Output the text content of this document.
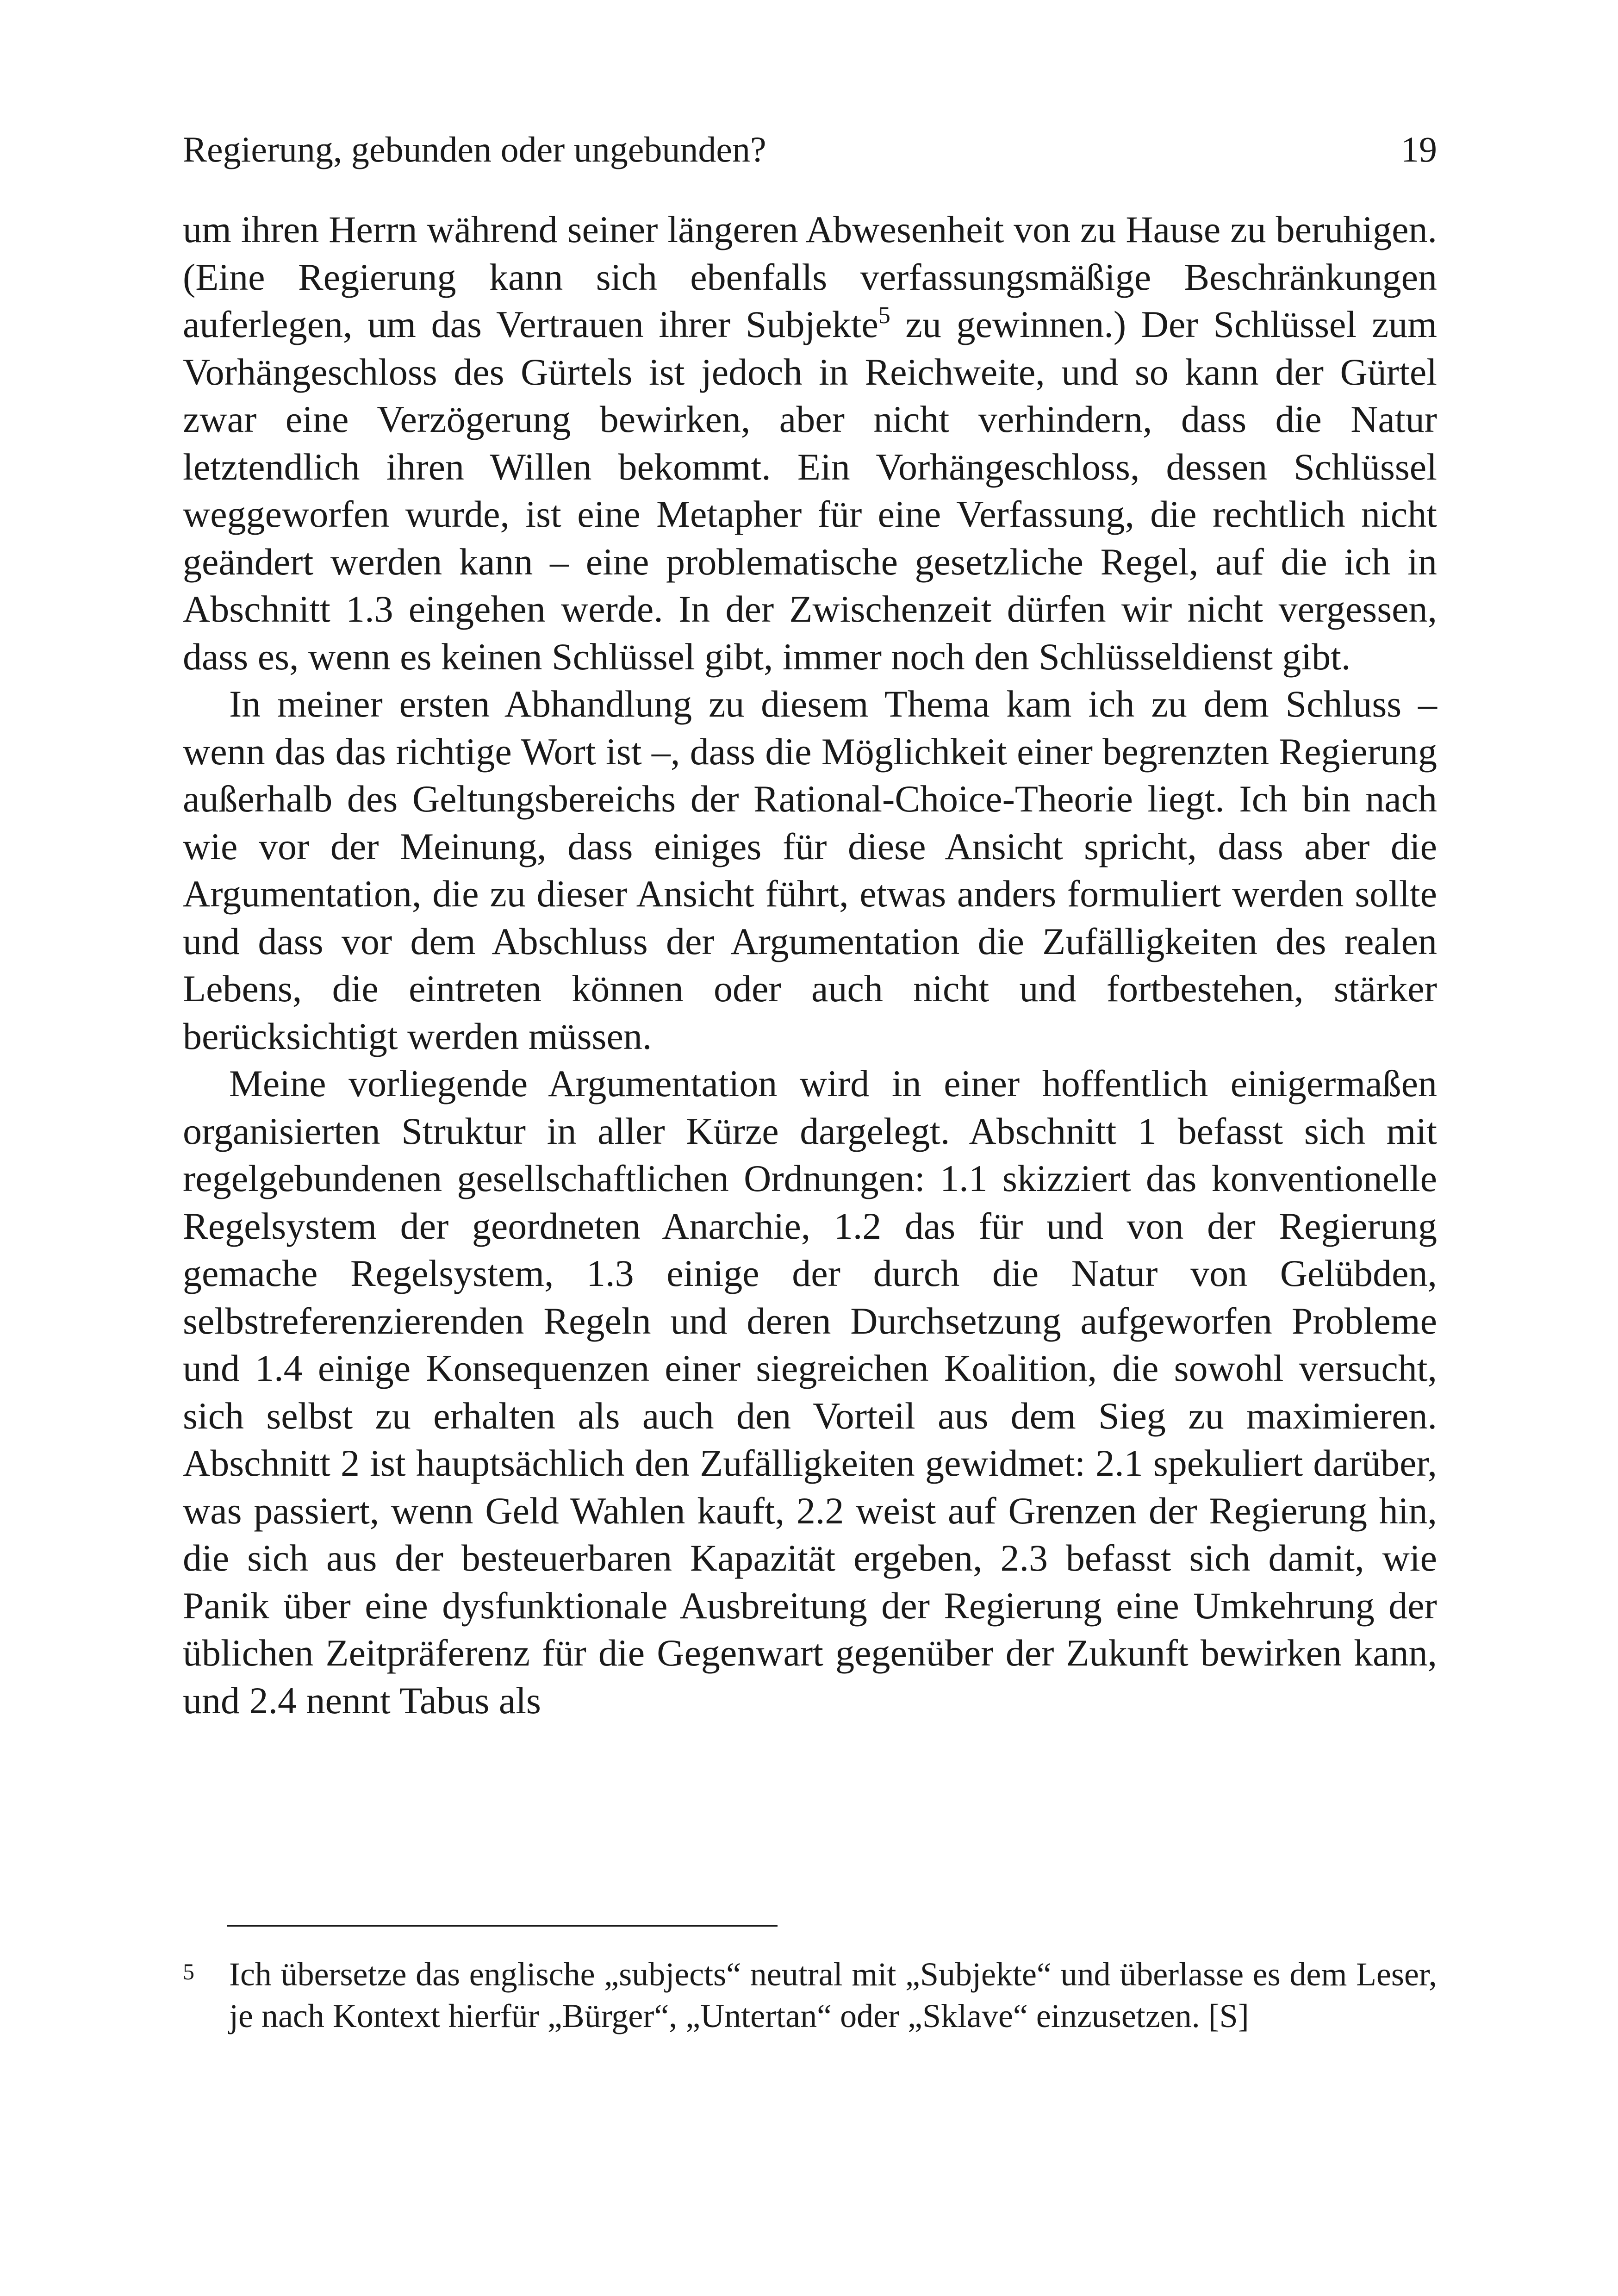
Regierung, gebunden oder ungebunden?	19

um ihren Herrn während seiner längeren Abwesenheit von zu Hause zu beruhigen. (Eine Regierung kann sich ebenfalls verfassungsmäßige Beschränkungen auferlegen, um das Vertrauen ihrer Subjekte$^5$ zu gewinnen.) Der Schlüssel zum Vorhängeschloss des Gürtels ist jedoch in Reichweite, und so kann der Gürtel zwar eine Verzögerung bewirken, aber nicht verhindern, dass die Natur letztendlich ihren Willen bekommt. Ein Vorhängeschloss, dessen Schlüssel weggeworfen wurde, ist eine Metapher für eine Verfassung, die rechtlich nicht geändert werden kann – eine problematische gesetzliche Regel, auf die ich in Abschnitt 1.3 eingehen werde. In der Zwischenzeit dürfen wir nicht vergessen, dass es, wenn es keinen Schlüssel gibt, immer noch den Schlüsseldienst gibt.

In meiner ersten Abhandlung zu diesem Thema kam ich zu dem Schluss – wenn das das richtige Wort ist –, dass die Möglichkeit einer begrenzten Regierung außerhalb des Geltungsbereichs der Rational-Choice-Theorie liegt. Ich bin nach wie vor der Meinung, dass einiges für diese Ansicht spricht, dass aber die Argumentation, die zu dieser Ansicht führt, etwas anders formuliert werden sollte und dass vor dem Abschluss der Argumentation die Zufälligkeiten des realen Lebens, die eintreten können oder auch nicht und fortbestehen, stärker berücksichtigt werden müssen.

Meine vorliegende Argumentation wird in einer hoffentlich einigermaßen organisierten Struktur in aller Kürze dargelegt. Abschnitt 1 befasst sich mit regelgebundenen gesellschaftlichen Ordnungen: 1.1 skizziert das konventionelle Regelsystem der geordneten Anarchie, 1.2 das für und von der Regierung gemache Regelsystem, 1.3 einige der durch die Natur von Gelübden, selbstreferenzierenden Regeln und deren Durchsetzung aufgeworfen Probleme und 1.4 einige Konsequenzen einer siegreichen Koalition, die sowohl versucht, sich selbst zu erhalten als auch den Vorteil aus dem Sieg zu maximieren. Abschnitt 2 ist hauptsächlich den Zufälligkeiten gewidmet: 2.1 spekuliert darüber, was passiert, wenn Geld Wahlen kauft, 2.2 weist auf Grenzen der Regierung hin, die sich aus der besteuerbaren Kapazität ergeben, 2.3 befasst sich damit, wie Panik über eine dysfunktionale Ausbreitung der Regierung eine Umkehrung der üblichen Zeitpräferenz für die Gegenwart gegenüber der Zukunft bewirken kann, und 2.4 nennt Tabus als

5 Ich übersetze das englische „subjects“ neutral mit „Subjekte“ und überlasse es dem Leser, je nach Kontext hierfür „Bürger“, „Untertan“ oder „Sklave“ einzusetzen. [S]
